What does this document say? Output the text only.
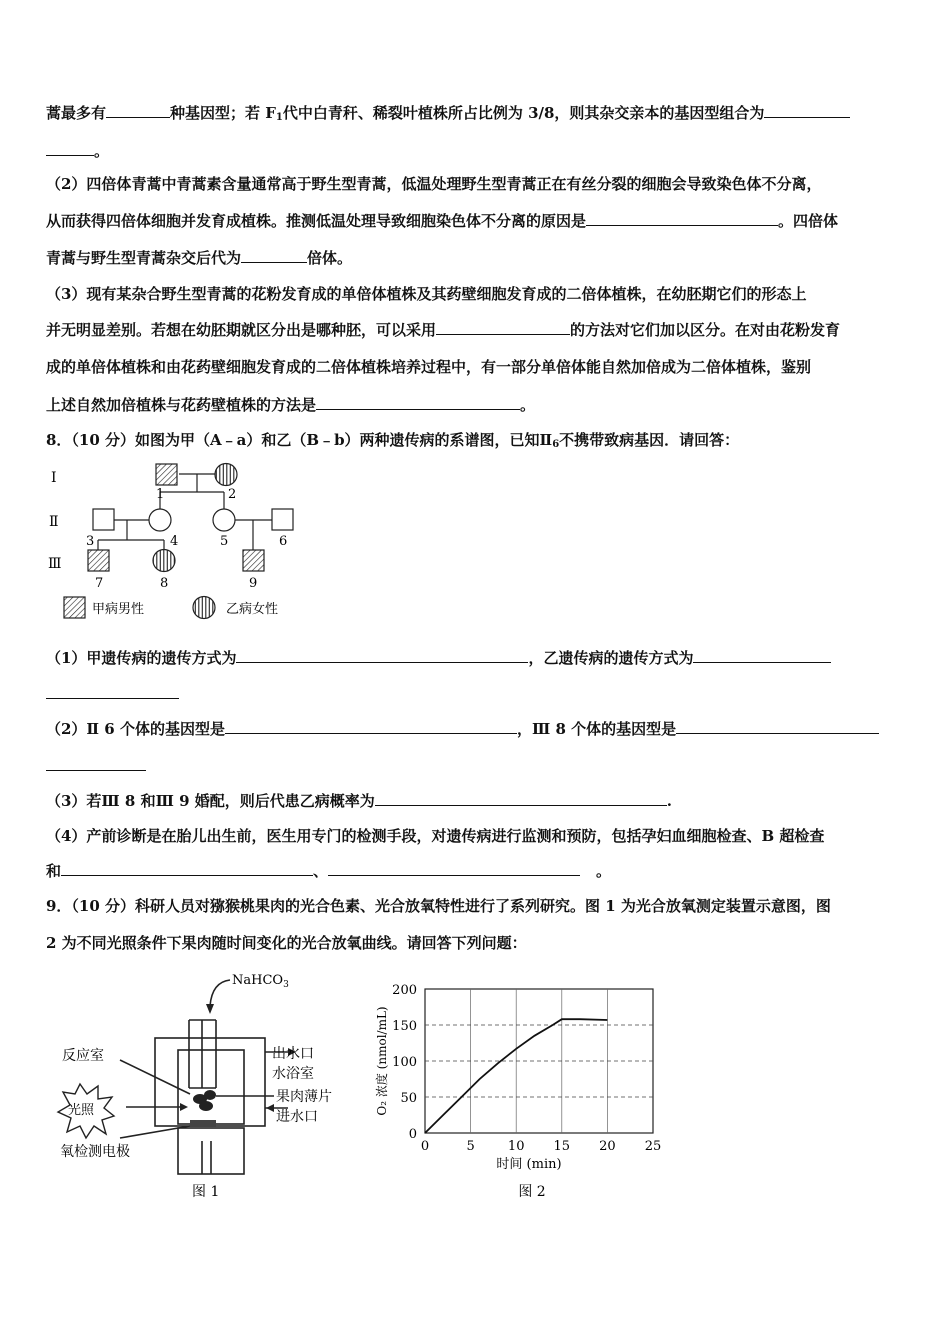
蒿最多有	种基因型；若 $F_1$代中白青秆、稀裂叶植株所占比例为 3/8，则其杂交亲本的基因型组合为
。
（2）四倍体青蒿中青蒿素含量通常高于野生型青蒿，低温处理野生型青蒿正在有丝分裂的细胞会导致染色体不分离，
从而获得四倍体细胞并发育成植株。推测低温处理导致细胞染色体不分离的原因是	。四倍体
青蒿与野生型青蒿杂交后代为	倍体。
（3）现有某杂合野生型青蒿的花粉发育成的单倍体植株及其药壁细胞发育成的二倍体植株，在幼胚期它们的形态上
并无明显差别。若想在幼胚期就区分出是哪种胚，可以采用	的方法对它们加以区分。在对由花粉发育
成的单倍体植株和由花药壁细胞发育成的二倍体植株培养过程中，有一部分单倍体能自然加倍成为二倍体植株，鉴别
上述自然加倍植株与花药壁植株的方法是	。
8．（10 分）如图为甲（A﹣a）和乙（B﹣b）两种遗传病的系谱图，已知$Ⅱ_6$不携带致病基因．请回答：
Ⅰ
Ⅱ
Ⅲ
1	2
3	4	5	6
7	8	9
甲病男性	乙病女性
（1）甲遗传病的遗传方式为	，乙遗传病的遗传方式为
（2）Ⅱ 6 个体的基因型是	，Ⅲ 8 个体的基因型是
（3）若Ⅲ 8 和Ⅲ 9 婚配，则后代患乙病概率为	.
（4）产前诊断是在胎儿出生前，医生用专门的检测手段，对遗传病进行监测和预防，包括孕妇血细胞检查、B 超检查
和	、	。
9．（10 分）科研人员对猕猴桃果肉的光合色素、光合放氧特性进行了系列研究。图 1 为光合放氧测定装置示意图，图
2 为不同光照条件下果肉随时间变化的光合放氧曲线。请回答下列问题：
NaHCO$_3$
反应室	出水口
水浴室
果肉薄片
进水口
光照
氧检测电极
图 1
0	5	10 15 20 25
0
50
100
150
200
O₂ 浓度 (nmol/mL)
时间 (min)
图 2
